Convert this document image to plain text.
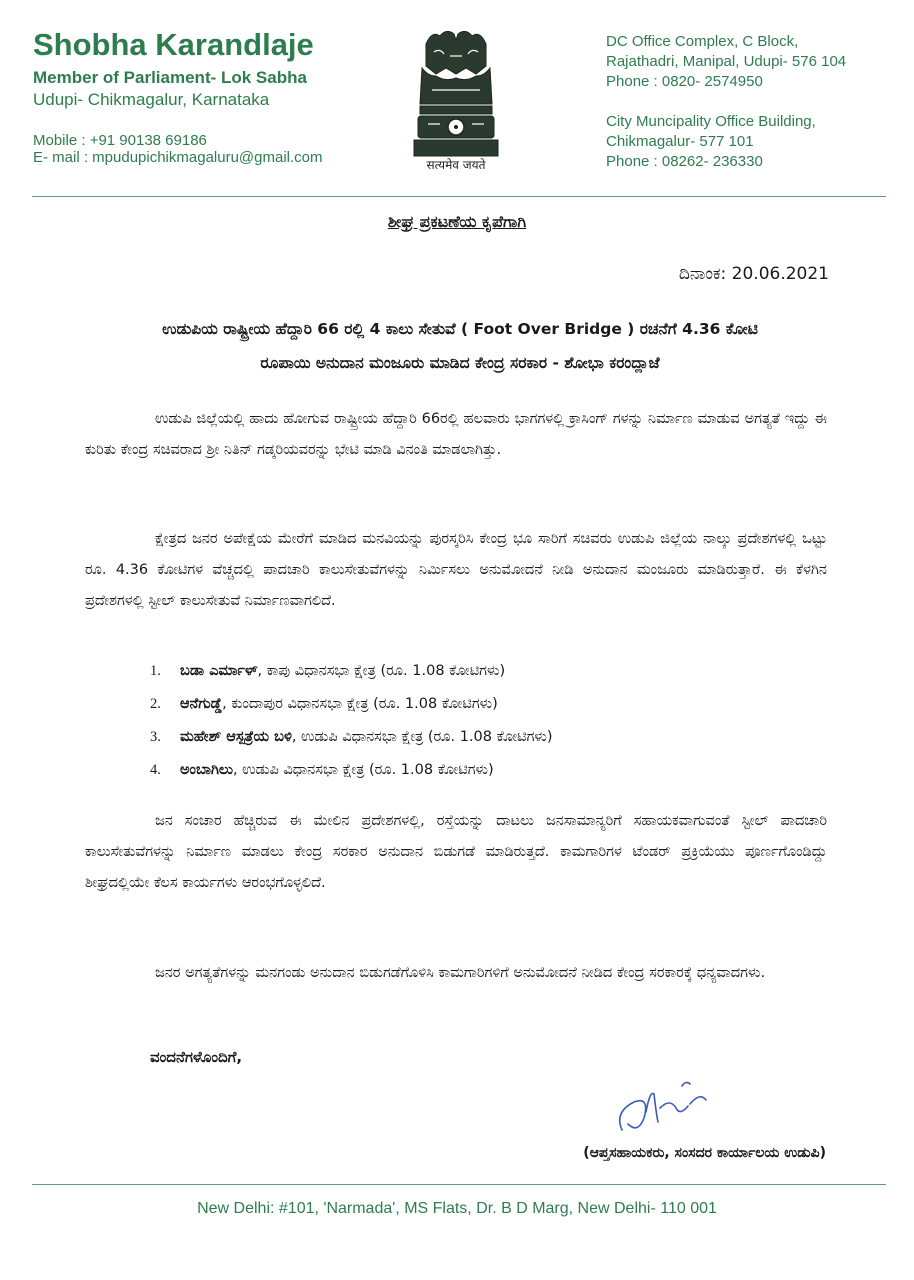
Shobha Karandlaje
Member of Parliament- Lok Sabha
Udupi- Chikmagalur, Karnataka
Mobile : +91 90138 69186
E- mail : mpudupichikmagaluru@gmail.com	सत्यमेव जयते
DC Office Complex, C Block,
Rajathadri, Manipal, Udupi- 576 104
Phone : 0820- 2574950
City Muncipality Office Building,
Chikmagalur- 577 101
Phone : 08262- 236330
ಶೀಘ್ರ ಪ್ರಕಟಣೆಯ ಕೃಪೆಗಾಗಿ
ದಿನಾಂಕ: 20.06.2021
ಉಡುಪಿಯ ರಾಷ್ಟ್ರೀಯ ಹೆದ್ದಾರಿ 66 ರಲ್ಲಿ 4 ಕಾಲು ಸೇತುವೆ ( Foot Over Bridge ) ರಚನೆಗೆ 4.36 ಕೋಟಿ
ರೂಪಾಯಿ ಅನುದಾನ ಮಂಜೂರು ಮಾಡಿದ ಕೇಂದ್ರ ಸರಕಾರ - ಶೋಭಾ ಕರಂದ್ಲಾಜೆ
ಉಡುಪಿ ಜಿಲ್ಲೆಯಲ್ಲಿ ಹಾದು ಹೋಗುವ ರಾಷ್ಟ್ರೀಯ ಹೆದ್ದಾರಿ 66ರಲ್ಲಿ ಹಲವಾರು ಭಾಗಗಳಲ್ಲಿ ಕ್ರಾಸಿಂಗ್ ಗಳನ್ನು ನಿರ್ಮಾಣ ಮಾಡುವ ಅಗತ್ಯತೆ ಇದ್ದು ಈ ಕುರಿತು ಕೇಂದ್ರ ಸಚಿವರಾದ ಶ್ರೀ ನಿತಿನ್ ಗಡ್ಕರಿಯವರನ್ನು ಭೇಟಿ ಮಾಡಿ ವಿನಂತಿ ಮಾಡಲಾಗಿತ್ತು.
ಕ್ಷೇತ್ರದ ಜನರ ಅಪೇಕ್ಷೆಯ ಮೇರೆಗೆ ಮಾಡಿದ ಮನವಿಯನ್ನು ಪುರಸ್ಕರಿಸಿ ಕೇಂದ್ರ ಭೂ ಸಾರಿಗೆ ಸಚಿವರು ಉಡುಪಿ ಜಿಲ್ಲೆಯ ನಾಲ್ಕು ಪ್ರದೇಶಗಳಲ್ಲಿ ಒಟ್ಟು ರೂ. 4.36 ಕೋಟಿಗಳ ವೆಚ್ಚದಲ್ಲಿ ಪಾದಚಾರಿ ಕಾಲುಸೇತುವೆಗಳನ್ನು ನಿರ್ಮಿಸಲು ಅನುಮೋದನೆ ನೀಡಿ ಅನುದಾನ ಮಂಜೂರು ಮಾಡಿರುತ್ತಾರೆ. ಈ ಕೆಳಗಿನ ಪ್ರದೇಶಗಳಲ್ಲಿ ಸ್ಟೀಲ್ ಕಾಲುಸೇತುವೆ ನಿರ್ಮಾಣವಾಗಲಿದೆ.
1. ಬಡಾ ಎರ್ಮಾಳ್, ಕಾಪು ವಿಧಾನಸಭಾ ಕ್ಷೇತ್ರ (ರೂ. 1.08 ಕೋಟಿಗಳು)
2. ಆನೆಗುಡ್ಡೆ, ಕುಂದಾಪುರ ವಿಧಾನಸಭಾ ಕ್ಷೇತ್ರ (ರೂ. 1.08 ಕೋಟಿಗಳು)
3. ಮಹೇಶ್ ಆಸ್ಪತ್ರೆಯ ಬಳಿ, ಉಡುಪಿ ವಿಧಾನಸಭಾ ಕ್ಷೇತ್ರ (ರೂ. 1.08 ಕೋಟಿಗಳು)
4. ಅಂಬಾಗಿಲು, ಉಡುಪಿ ವಿಧಾನಸಭಾ ಕ್ಷೇತ್ರ (ರೂ. 1.08 ಕೋಟಿಗಳು)
ಜನ ಸಂಚಾರ ಹೆಚ್ಚಿರುವ ಈ ಮೇಲಿನ ಪ್ರದೇಶಗಳಲ್ಲಿ, ರಸ್ತೆಯನ್ನು ದಾಟಲು ಜನಸಾಮಾನ್ಯರಿಗೆ ಸಹಾಯಕವಾಗುವಂತೆ ಸ್ಟೀಲ್ ಪಾದಚಾರಿ ಕಾಲುಸೇತುವೆಗಳನ್ನು ನಿರ್ಮಾಣ ಮಾಡಲು ಕೇಂದ್ರ ಸರಕಾರ ಅನುದಾನ ಬಿಡುಗಡೆ ಮಾಡಿರುತ್ತದೆ. ಕಾಮಗಾರಿಗಳ ಟೆಂಡರ್ ಪ್ರಕ್ರಿಯೆಯು ಪೂರ್ಣಗೊಂಡಿದ್ದು ಶೀಘ್ರದಲ್ಲಿಯೇ ಕೆಲಸ ಕಾರ್ಯಗಳು ಆರಂಭಗೊಳ್ಳಲಿದೆ.
ಜನರ ಅಗತ್ಯತೆಗಳನ್ನು ಮನಗಂಡು ಅನುದಾನ ಬಿಡುಗಡೆಗೊಳಿಸಿ ಕಾಮಗಾರಿಗಳಿಗೆ ಅನುಮೋದನೆ ನೀಡಿದ ಕೇಂದ್ರ ಸರಕಾರಕ್ಕೆ ಧನ್ಯವಾದಗಳು.
ವಂದನೆಗಳೊಂದಿಗೆ,
(ಆಪ್ತಸಹಾಯಕರು, ಸಂಸದರ ಕಾರ್ಯಾಲಯ ಉಡುಪಿ)
New Delhi: #101, 'Narmada', MS Flats, Dr. B D Marg, New Delhi- 110 001
